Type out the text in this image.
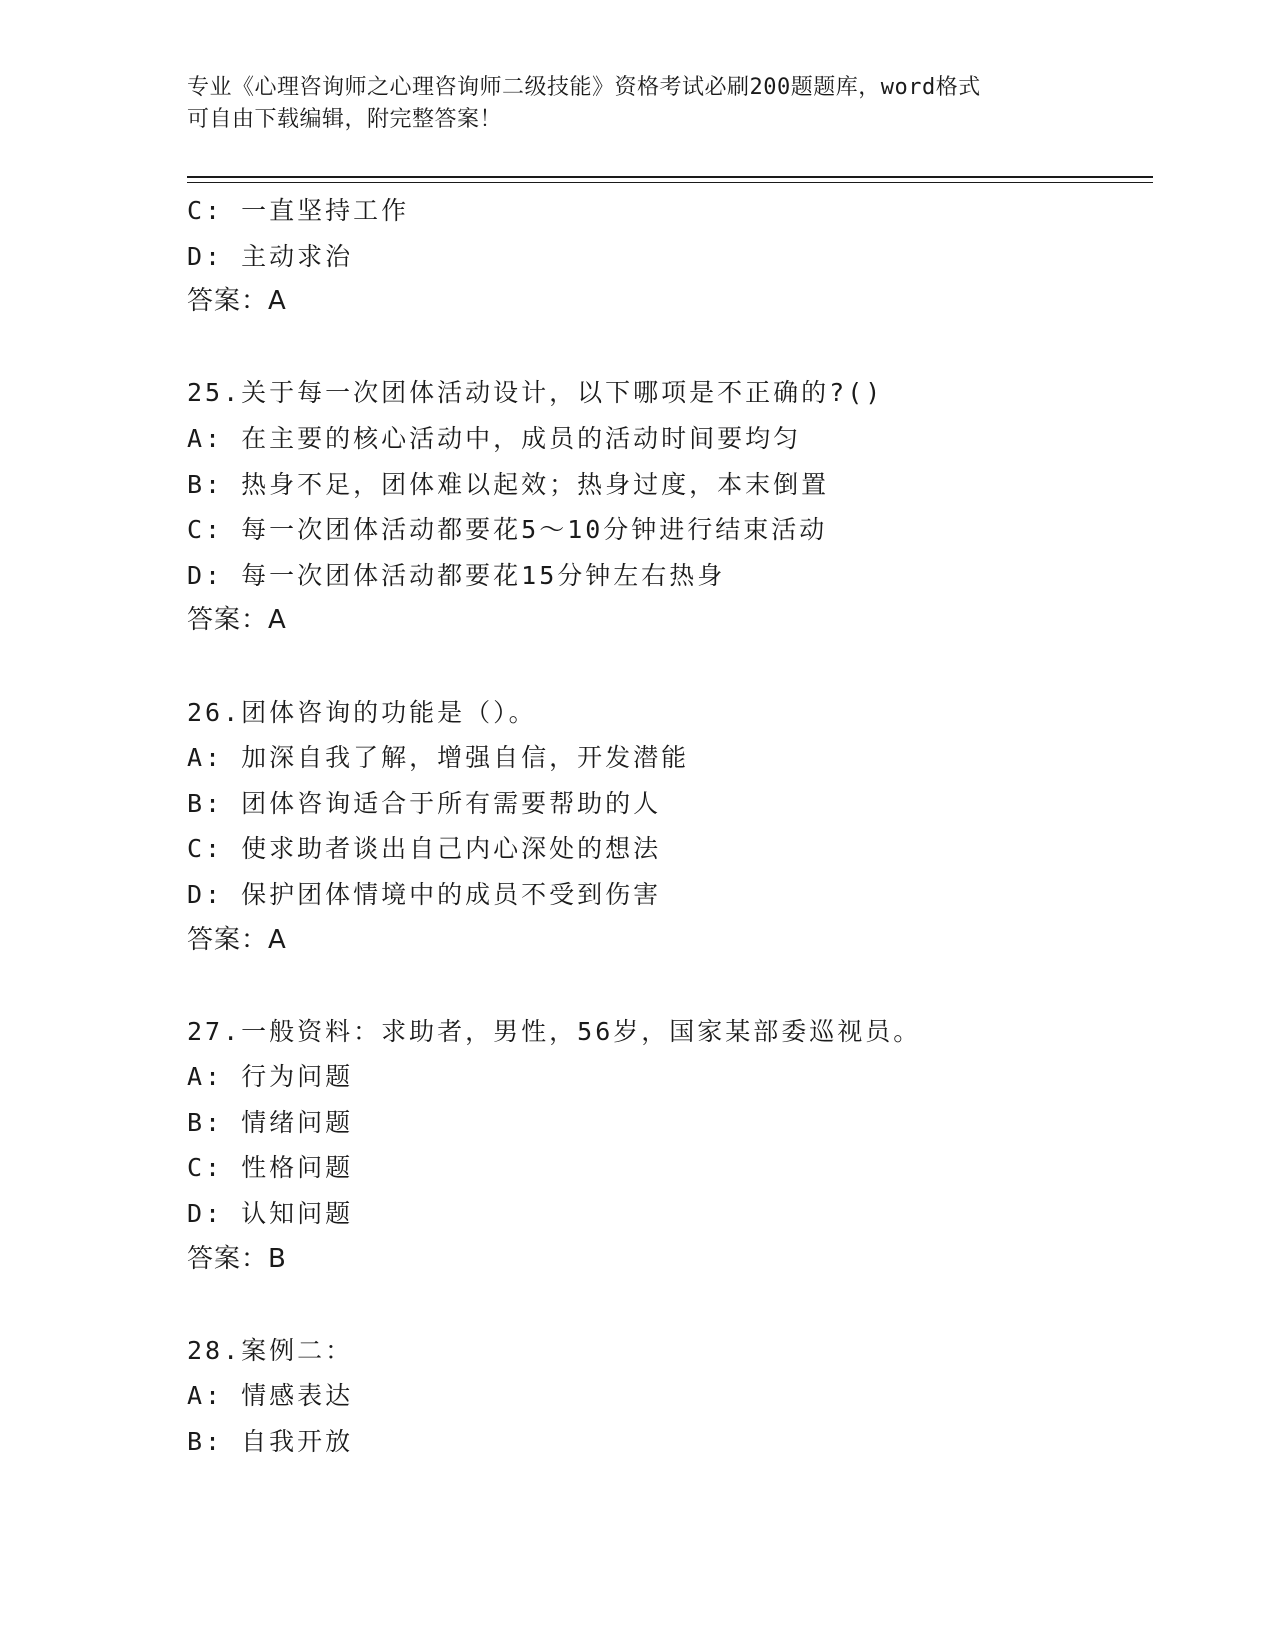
专业《心理咨询师之心理咨询师二级技能》资格考试必刷200题题库，word格式
可自由下载编辑，附完整答案！
C: 一直坚持工作
D: 主动求治
答案：A
25.关于每一次团体活动设计，以下哪项是不正确的?()
A: 在主要的核心活动中，成员的活动时间要均匀
B: 热身不足，团体难以起效；热身过度，本末倒置
C: 每一次团体活动都要花5～10分钟进行结束活动
D: 每一次团体活动都要花15分钟左右热身
答案：A
26.团体咨询的功能是（）。
A: 加深自我了解，增强自信，开发潜能
B: 团体咨询适合于所有需要帮助的人
C: 使求助者谈出自己内心深处的想法
D: 保护团体情境中的成员不受到伤害
答案：A
27.一般资料：求助者，男性，56岁，国家某部委巡视员。
A: 行为问题
B: 情绪问题
C: 性格问题
D: 认知问题
答案：B
28.案例二：
A: 情感表达
B: 自我开放
